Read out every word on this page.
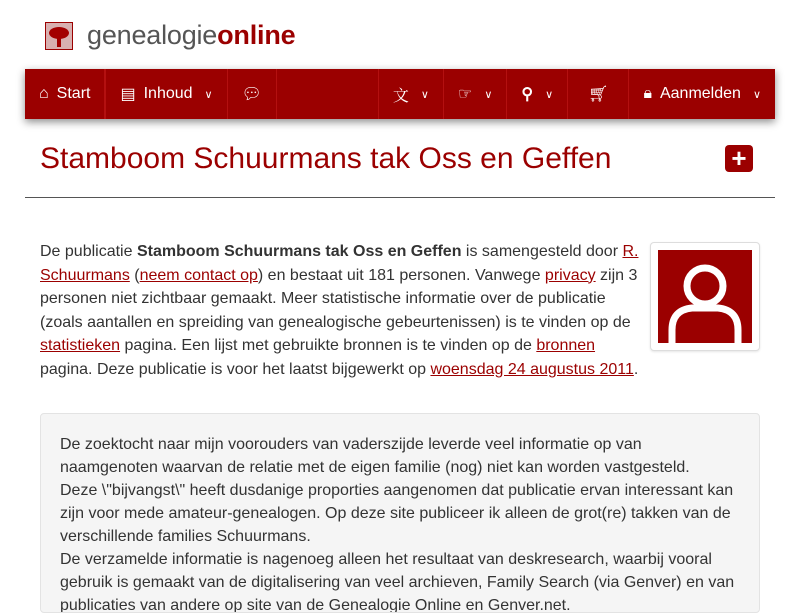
genealogieonline
⌂ Start ▤ Inhoud ∨ 💬︎	文 ∨ ☞ ∨ ⚲ ∨ 🛒︎ 🔒︎ Aanmelden ∨
Stamboom Schuurmans tak Oss en Geffen	+

De publicatie Stamboom Schuurmans tak Oss en Geffen is samengesteld door R. Schuurmans (neem contact op) en bestaat uit 181 personen. Vanwege privacy zijn 3 personen niet zichtbaar gemaakt. Meer statistische informatie over de publicatie (zoals aantallen en spreiding van genealogische gebeurtenissen) is te vinden op de statistieken pagina. Een lijst met gebruikte bronnen is te vinden op de bronnen pagina. Deze publicatie is voor het laatst bijgewerkt op woensdag 24 augustus 2011.

De zoektocht naar mijn voorouders van vaderszijde leverde veel informatie op van naamgenoten waarvan de relatie met de eigen familie (nog) niet kan worden vastgesteld.

Deze \"bijvangst\" heeft dusdanige proporties aangenomen dat publicatie ervan interessant kan zijn voor mede amateur-genealogen. Op deze site publiceer ik alleen de grot(re) takken van de verschillende families Schuurmans.

De verzamelde informatie is nagenoeg alleen het resultaat van deskresearch, waarbij vooral gebruik is gemaakt van de digitalisering van veel archieven, Family Search (via Genver) en van publicaties van andere op site van de Genealogie Online en Genver.net.
